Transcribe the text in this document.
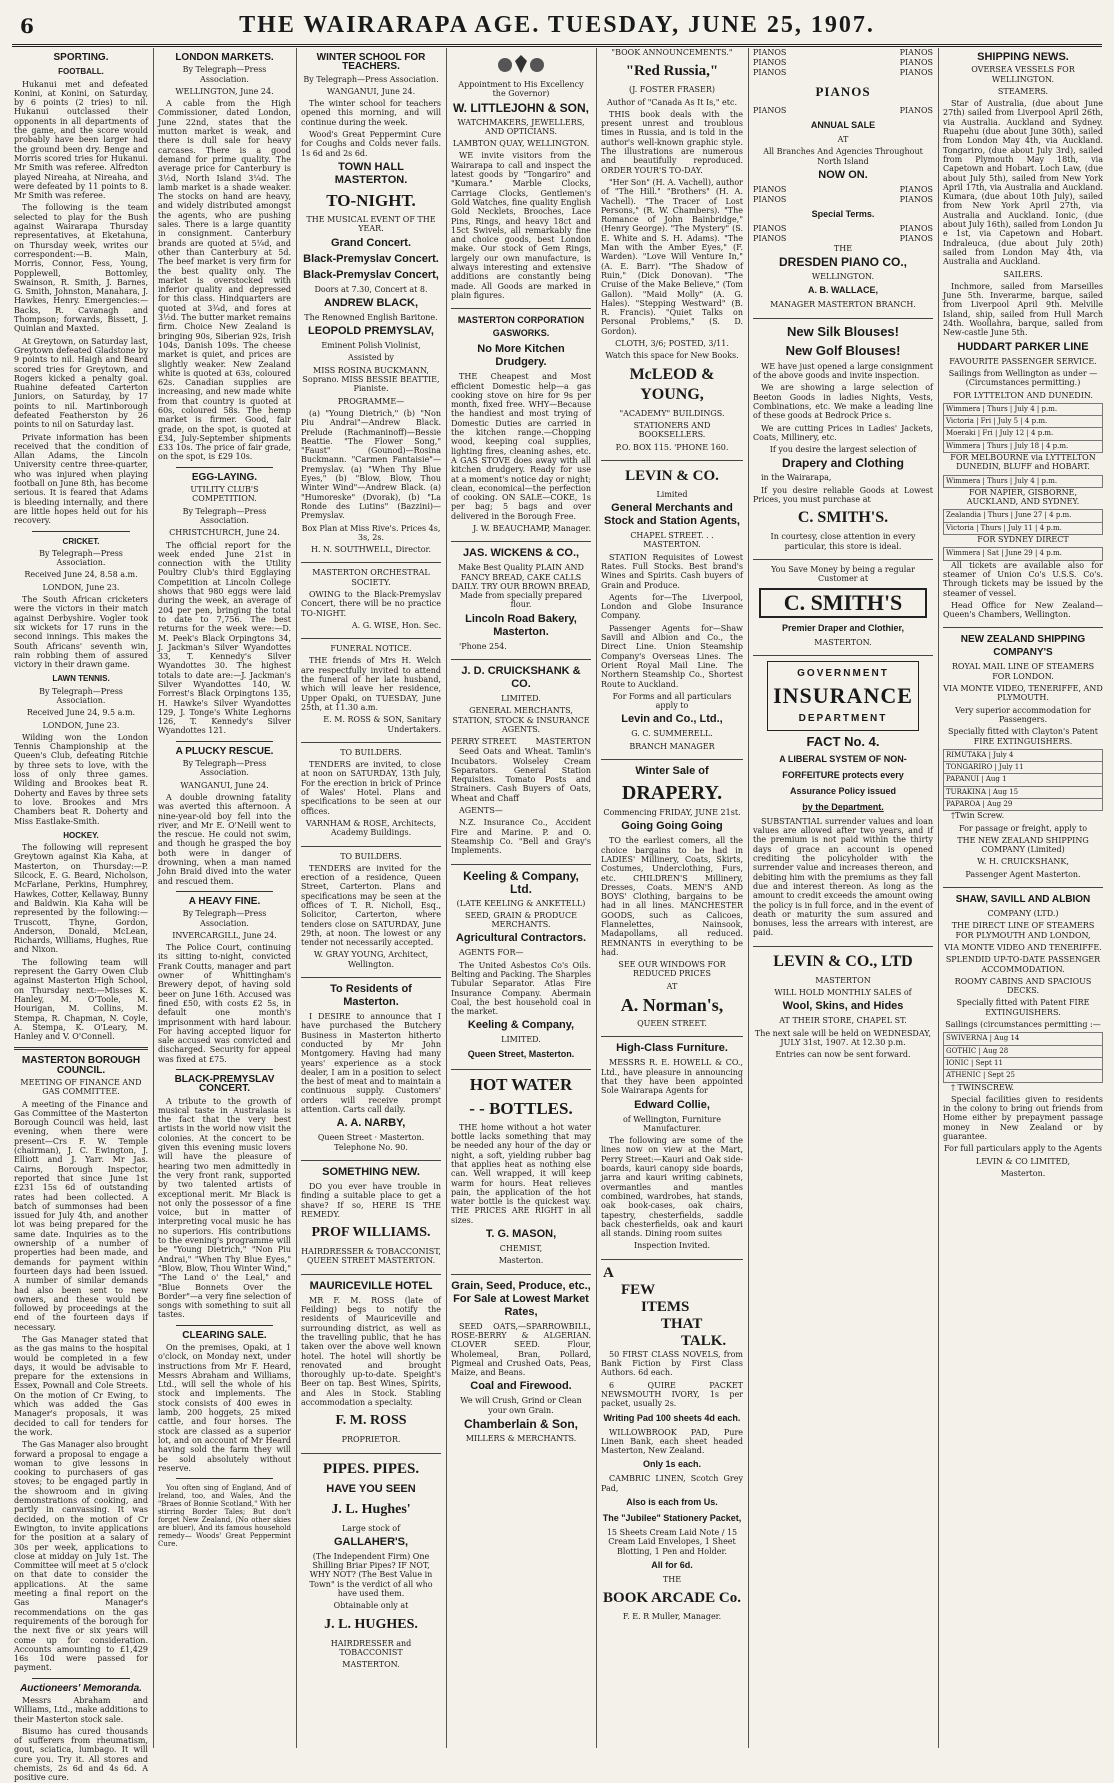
6	THE WAIRARAPA AGE. TUESDAY, JUNE 25, 1907.
SPORTING.
FOOTBALL.

Hukanui met and defeated Konini, at Konini, on Saturday, by 6 points (2 tries) to nil. Hukanui outclassed their opponents in all departments of the game, and the score would probably have been larger had the ground been dry. Benge and Morris scored tries for Hukanui. Mr Smith was referee. Alfredton played Nireaha, at Nireaha, and were defeated by 11 points to 8. Mr Smith was referee.

The following is the team selected to play for the Bush against Wairarapa Thursday representatives, at Eketahuna, on Thursday week, writes our correspondent:—B. Main, Morris, Connor, Fess, Young, Popplewell, Bottomley, Swainson, R. Smith, J. Barnes, G. Smith, Johnston, Manahara, J. Hawkes, Henry. Emergencies:— Backs, R. Cavanagh and Thompson; forwards, Bissett, J. Quinlan and Maxted.

At Greytown, on Saturday last, Greytown defeated Gladstone by 9 points to nil. Haigh and Beard scored tries for Greytown, and Rogers kicked a penalty goal. Ruahine defeated Carterton Juniors, on Saturday, by 17 points to nil. Martinborough defeated Featherston by 26 points to nil on Saturday last.

Private information has been received that the condition of Allan Adams, the Lincoln University centre three-quarter, who was injured when playing football on June 8th, has become serious. It is feared that Adams is bleeding internally, and there are little hopes held out for his recovery.

CRICKET.

By Telegraph—Press Association.

Received June 24, 8.58 a.m.

LONDON, June 23.

The South African cricketers were the victors in their match against Derbyshire. Vogler took six wickets for 17 runs in the second innings. This makes the South Africans' seventh win, rain robbing them of assured victory in their drawn game.

LAWN TENNIS.

By Telegraph—Press Association.

Received June 24, 9.5 a.m.

LONDON, June 23.

Wilding won the London Tennis Championship at the Queen's Club, defeating Ritchie by three sets to love, with the loss of only three games. Wilding and Brookes beat R. Doherty and Eaves by three sets to love. Brookes and Mrs Chambers beat R. Doherty and Miss Eastlake-Smith.

HOCKEY.

The following will represent Greytown against Kia Kaha, at Masterton, on Thursday:—P. Silcock, E. G. Beard, Nicholson, McFarlane, Perkins, Humphrey, Hawkes, Cotter, Kellaway, Bunny and Baldwin. Kia Kaha will be represented by the following:—Truscott, Thyne, Gordon, Anderson, Donald, McLean, Richards, Williams, Hughes, Rue and Nixon.

The following team will represent the Garry Owen Club against Masterton High School, on Thursday next:—Misses K. Hanley, M. O'Toole, M. Hourigan, M. Collins, M. Stempa, R. Chapman, N. Coyle, A. Stempa, K. O'Leary, M. Hanley and V. O'Connell.

MASTERTON BOROUGH COUNCIL.

MEETING OF FINANCE AND GAS COMMITTEE.

A meeting of the Finance and Gas Committee of the Masterton Borough Council was held, last evening, when there were present—Crs F. W. Temple (chairman), J. C. Ewington, J. Elliott and J. Yarr. Mr Jas. Cairns, Borough Inspector, reported that since June 1st £231 15s 6d of outstanding rates had been collected. A batch of summonses had been issued for July 4th, and another lot was being prepared for the same date. Inquiries as to the ownership of a number of properties had been made, and demands for payment within fourteen days had been issued. A number of similar demands had also been sent to new owners, and these would be followed by proceedings at the end of the fourteen days if necessary.

The Gas Manager stated that as the gas mains to the hospital would be completed in a few days, it would be advisable to prepare for the extensions in Essex, Pownall and Cole Streets. On the motion of Cr Ewing, to which was added the Gas Manager's proposals, it was decided to call for tenders for the work.

The Gas Manager also brought forward a proposal to engage a woman to give lessons in cooking to purchasers of gas stoves; to be engaged partly in the showroom and in giving demonstrations of cooking, and partly in canvassing. It was decided, on the motion of Cr Ewington, to invite applications for the position at a salary of 30s per week, applications to close at midday on July 1st. The Committee will meet at 5 o'clock on that date to consider the applications. At the same meeting a final report on the Gas Manager's recommendations on the gas requirements of the borough for the next five or six years will come up for consideration. Accounts amounting to £1,429 16s 10d were passed for payment.

Auctioneers' Memoranda.

Messrs Abraham and Williams, Ltd., make additions to their Masterton stock sale.

Bisumo has cured thousands of sufferers from rheumatism, gout, sciatica, lumbago. It will cure you. Try it. All stores and chemists, 2s 6d and 4s 6d. A positive cure.

LONDON MARKETS.

By Telegraph—Press Association.

WELLINGTON, June 24.

A cable from the High Commissioner, dated London, June 22nd, states that the mutton market is weak, and there is dull sale for heavy carcases. There is a good demand for prime quality. The average price for Canterbury is 3½d, North Island 3¼d. The lamb market is a shade weaker. The stocks on hand are heavy, and widely distributed amongst the agents, who are pushing sales. There is a large quantity in consignment. Canterbury brands are quoted at 5¼d, and other than Canterbury at 5d. The beef market is very firm for the best quality only. The market is overstocked with inferior quality and depressed for this class. Hindquarters are quoted at 3¾d, and fores at 3½d. The butter market remains firm. Choice New Zealand is bringing 90s, Siberian 92s, Irish 104s, Danish 109s. The cheese market is quiet, and prices are slightly weaker. New Zealand white is quoted at 63s, coloured 62s. Canadian supplies are increasing, and new made white from that country is quoted at 60s, coloured 58s. The hemp market is firmer. Good, fair grade, on the spot, is quoted at £34, July-September shipments £33 10s. The price of fair grade, on the spot, is £29 10s.

EGG-LAYING.

UTILITY CLUB'S COMPETITION.

By Telegraph—Press Association.

CHRISTCHURCH, June 24.

The official report for the week ended June 21st in connection with the Utility Poultry Club's third Egglaying Competition at Lincoln College shows that 980 eggs were laid during the week, an average of 204 per pen, bringing the total to date to 7,756. The best returns for the week were:—D. M. Peek's Black Orpingtons 34, J. Jackman's Silver Wyandottes 33, T. Kennedy's Silver Wyandottes 30. The highest totals to date are:—J. Jackman's Silver Wyandottes 140, W. Forrest's Black Orpingtons 135, H. Hawke's Silver Wyandottes 129, J. Tonge's White Leghorns 126, T. Kennedy's Silver Wyandottes 121.

A PLUCKY RESCUE.

By Telegraph—Press Association.

WANGANUI, June 24.

A double drowning fatality was averted this afternoon. A nine-year-old boy fell into the river, and Mr E. O'Neill went to the rescue. He could not swim, and though he grasped the boy both were in danger of drowning, when a man named John Braid dived into the water and rescued them.

A HEAVY FINE.

By Telegraph—Press Association.

INVERCARGILL, June 24.

The Police Court, continuing its sitting to-night, convicted Frank Coutts, manager and part owner of Whittingham's Brewery depot, of having sold beer on June 16th. Accused was fined £50, with costs £2 5s, in default one month's imprisonment with hard labour. For having accepted liquor for sale accused was convicted and discharged. Security for appeal was fixed at £75.

BLACK-PREMYSLAV CONCERT.

A tribute to the growth of musical taste in Australasia is the fact that the very best artists in the world now visit the colonies. At the concert to be given this evening music lovers will have the pleasure of hearing two men admittedly in the very front rank, supported by two talented artists of exceptional merit. Mr Black is not only the possessor of a fine voice, but in matter of interpreting vocal music he has no superiors. His contributions to the evening's programme will be "Young Dietrich," "Non Piu Andrai," "When Thy Blue Eyes," "Blow, Blow, Thou Winter Wind," "The Land o' the Leal," and "Blue Bonnets Over the Border"—a very fine selection of songs with something to suit all tastes.

CLEARING SALE.

On the premises, Opaki, at 1 o'clock, on Monday next, under instructions from Mr F. Heard, Messrs Abraham and Williams, Ltd., will sell the whole of his stock and implements. The stock consists of 400 ewes in lamb, 200 hoggets, 25 mixed cattle, and four horses. The stock are classed as a superior lot, and on account of Mr Heard having sold the farm they will be sold absolutely without reserve.

You often sing of England, And of Ireland, too, and Wales, And the "Braes of Bonnie Scotland," With her stirring Border Tales; But don't forget New Zealand, (No other skies are bluer), And its famous household remedy— Woods' Great Peppermint Cure.

WINTER SCHOOL FOR TEACHERS.

By Telegraph—Press Association.

WANGANUI, June 24.

The winter school for teachers opened this morning, and will continue during the week.

Wood's Great Peppermint Cure for Coughs and Colds never fails. 1s 6d and 2s 6d.

TOWN HALL MASTERTON.
TO-NIGHT.

THE MUSICAL EVENT OF THE YEAR.

Grand Concert.
Black-Premyslav Concert.
Black-Premyslav Concert,

Doors at 7.30, Concert at 8.

ANDREW BLACK,

The Renowned English Baritone.

LEOPOLD PREMYSLAV,

Eminent Polish Violinist,

Assisted by

MISS ROSINA BUCKMANN, Soprano. MISS BESSIE BEATTIE, Pianiste.

PROGRAMME—

(a) "Young Dietrich," (b) "Non Piu Andrai"—Andrew Black. Prelude (Rachmaninoff)—Bessie Beattie. "The Flower Song," "Faust" (Gounod)—Rosina Buckmann. "Carmen Fantaisie"—Premyslav. (a) "When Thy Blue Eyes," (b) "Blow, Blow, Thou Winter Wind"—Andrew Black. (a) "Humoreske" (Dvorak), (b) "La Ronde des Lutins" (Bazzini)—Premyslav.

Box Plan at Miss Rive's. Prices 4s, 3s, 2s.

H. N. SOUTHWELL, Director.

MASTERTON ORCHESTRAL SOCIETY.

OWING to the Black-Premyslav Concert, there will be no practice TO-NIGHT.

A. G. WISE, Hon. Sec.

FUNERAL NOTICE.

THE friends of Mrs H. Welch are respectfully invited to attend the funeral of her late husband, which will leave her residence, Upper Opaki, on TUESDAY, June 25th, at 11.30 a.m.

E. M. ROSS & SON, Sanitary Undertakers.

TO BUILDERS.

TENDERS are invited, to close at noon on SATURDAY, 13th July, For the erection in brick of Prince of Wales' Hotel. Plans and specifications to be seen at our offices.

VARNHAM & ROSE, Architects, Academy Buildings.

TO BUILDERS.

TENDERS are invited for the erection of a residence, Queen Street, Carterton. Plans and specifications may be seen at the offices of T. R. Nicholl, Esq., Solicitor, Carterton, where tenders close on SATURDAY, June 29th, at noon. The lowest or any tender not necessarily accepted.

W. GRAY YOUNG, Architect, Wellington.

To Residents of Masterton.

I DESIRE to announce that I have purchased the Butchery Business in Masterton hitherto conducted by Mr John Montgomery. Having had many years' experience as a stock dealer, I am in a position to select the best of meat and to maintain a continuous supply. Customers' orders will receive prompt attention. Carts call daily.

A. A. NARBY,

Queen Street · Masterton. Telephone No. 90.

SOMETHING NEW.

DO you ever have trouble in finding a suitable place to get a shave? If so, HERE IS THE REMEDY.

PROF WILLIAMS.

HAIRDRESSER & TOBACCONIST, QUEEN STREET MASTERTON.

MAURICEVILLE HOTEL

MR F. M. ROSS (late of Feilding) begs to notify the residents of Mauriceville and surrounding district, as well as the travelling public, that he has taken over the above well known hotel. The hotel will shortly be renovated and brought thoroughly up-to-date. Speight's Beer on tap. Best Wines, Spirits, and Ales in Stock. Stabling accommodation a specialty.

F. M. ROSS

PROPRIETOR.

PIPES. PIPES.
HAVE YOU SEEN
J. L. Hughes'

Large stock of

GALLAHER'S,

(The Independent Firm) One Shilling Briar Pipes? IF NOT, WHY NOT? (The Best Value in Town" is the verdict of all who have used them.

Obtainable only at

J. L. HUGHES.

HAIRDRESSER and TOBACCONIST

MASTERTON.

Appointment to His Excellency the Governor)

W. LITTLEJOHN & SON,

WATCHMAKERS, JEWELLERS, AND OPTICIANS.

LAMBTON QUAY, WELLINGTON.

WE invite visitors from the Wairarapa to call and inspect the latest goods by "Tongariro" and "Kumara." Marble Clocks, Carriage Clocks, Gentlemen's Gold Watches, fine quality English Gold Necklets, Brooches, Lace Pins, Rings, and heavy 18ct and 15ct Swivels, all remarkably fine and choice goods, best London make. Our stock of Gem Rings, largely our own manufacture, is always interesting and extensive additions are constantly being made. All Goods are marked in plain figures.

MASTERTON CORPORATION GASWORKS.
No More Kitchen Drudgery.

THE Cheapest and Most efficient Domestic help—a gas cooking stove on hire for 9s per month, fixed free. WHY—Because the handiest and most trying of Domestic Duties are carried in the kitchen range.—Chopping wood, keeping coal supplies, lighting fires, cleaning ashes, etc. A GAS STOVE does away with all kitchen drudgery. Ready for use at a moment's notice day or night; clean, economical—the perfection of cooking. ON SALE—COKE, 1s per bag; 5 bags and over delivered in the Borough Free.

J. W. BEAUCHAMP, Manager.

JAS. WICKENS & CO.,

Make Best Quality PLAIN AND FANCY BREAD, CAKE CALLS DAILY. TRY OUR BROWN BREAD, Made from specially prepared flour.

Lincoln Road Bakery, Masterton.

'Phone 254.

J. D. CRUICKSHANK & CO.

LIMITED.

GENERAL MERCHANTS, STATION, STOCK & INSURANCE AGENTS.

PERRY STREET. MASTERTON

Seed Oats and Wheat. Tamlin's Incubators. Wolseley Cream Separators. General Station Requisites. Tomato Posts and Strainers. Cash Buyers of Oats, Wheat and Chaff

AGENTS—

N.Z. Insurance Co., Accident Fire and Marine. P. and O. Steamship Co. "Bell and Gray's Implements.

Keeling & Company, Ltd.

(LATE KEELING & ANKETELL)

SEED, GRAIN & PRODUCE MERCHANTS.

Agricultural Contractors.

AGENTS FOR—

The United Asbestos Co's Oils. Belting and Packing. The Sharples Tubular Separator. Atlas Fire Insurance Company. Abermain Coal, the best household coal in the market.

Keeling & Company,

LIMITED.

Queen Street, Masterton.
HOT WATER
- - BOTTLES.

THE home without a hot water bottle lacks something that may be needed any hour of the day or night, a soft, yielding rubber bag that applies heat as nothing else can. Well wrapped, it will keep warm for hours. Heat relieves pain, the application of the hot water bottle is the quickest way. THE PRICES ARE RIGHT in all sizes.

T. G. MASON,

CHEMIST,

Masterton.

Grain, Seed, Produce, etc., For Sale at Lowest Market Rates,

SEED OATS,—SPARROWBILL, ROSE-BERRY & ALGERIAN. CLOVER SEED. Flour, Wholemeal, Bran, Pollard, Pigmeal and Crushed Oats, Peas, Maize, and Beans.

Coal and Firewood.

We will Crush, Grind or Clean your own Grain.

Chamberlain & Son,

MILLERS & MERCHANTS.

"BOOK ANNOUNCEMENTS."

"Red Russia,"

(J. FOSTER FRASER)

Author of "Canada As It Is," etc.

THIS book deals with the present unrest and troublous times in Russia, and is told in the author's well-known graphic style. The illustrations are numerous and beautifully reproduced. ORDER YOUR'S TO-DAY.

"Her Son" (H. A. Vachell), author of "The Hill." "Brothers" (H. A. Vachell). "The Tracer of Lost Persons," (R. W. Chambers). "The Romance of John Bainbridge," (Henry George). "The Mystery" (S. E. White and S. H. Adams). "The Man with the Amber Eyes," (F. Warden). "Love Will Venture In," (A. E. Barr). "The Shadow of Ruin," (Dick Donovan). "The Cruise of the Make Believe," (Tom Gallon). "Maid Molly" (A. G. Hales). "Stepping Westward" (B. R. Francis). "Quiet Talks on Personal Problems," (S. D. Gordon).

CLOTH, 3/6; POSTED, 3/11.

Watch this space for New Books.

McLEOD & YOUNG,

"ACADEMY" BUILDINGS.

STATIONERS AND BOOKSELLERS.

P.O. BOX 115. 'PHONE 160.

LEVIN & CO.

Limited

General Merchants and Stock and Station Agents,

CHAPEL STREET. . . MASTERTON.

STATION Requisites of Lowest Rates. Full Stocks. Best brand's Wines and Spirits. Cash buyers of Grain and Produce.

Agents for—The Liverpool, London and Globe Insurance Company.

Passenger Agents for—Shaw Savill and Albion and Co., the Direct Line. Union Steamship Company's Overseas Lines. The Orient Royal Mail Line. The Northern Steamship Co., Shortest Route to Auckland.

For Forms and all particulars apply to

Levin and Co., Ltd.,

G. C. SUMMERELL.

BRANCH MANAGER

Winter Sale of
DRAPERY.

Commencing FRIDAY, JUNE 21st.

Going Going Going

TO the earliest comers, all the choice bargains to be had in LADIES' Millinery, Coats, Skirts, Costumes, Underclothing, Furs, etc. CHILDREN'S Millinery, Dresses, Coats. MEN'S AND BOYS' Clothing, bargains to be had in all lines. MANCHESTER GOODS, such as Calicoes, Flannelettes, Nainsook, Madapollams, all reduced. REMNANTS in everything to be had.

SEE OUR WINDOWS FOR REDUCED PRICES

AT

A. Norman's,

QUEEN STREET.

High-Class Furniture.

MESSRS R. E. HOWELL & CO., Ltd., have pleasure in announcing that they have been appointed Sole Wairarapa Agents for

Edward Collie,

of Wellington, Furniture Manufacturer.

The following are some of the lines now on view at the Mart, Perry Street:—Kauri and Oak side-boards, kauri canopy side boards, jarra and kauri writing cabinets, overmantles and mantles combined, wardrobes, hat stands, oak book-cases, oak chairs, tapestry, chesterfields, saddle back chesterfields, oak and kauri all stands. Dining room suites

Inspection Invited.

A
FEW
ITEMS
THAT
TALK.

50 FIRST CLASS NOVELS, from Bank Fiction by First Class Authors. 6d each.

6 QUIRE PACKET NEWSMOUTH IVORY, 1s per packet, usually 2s.

Writing Pad 100 sheets 4d each.

WILLOWBROOK PAD, Pure Linen Bank, each sheet headed Masterton, New Zealand.

Only 1s each.

CAMBRIC LINEN, Scotch Grey Pad,

Also is each from Us.
The "Jubilee" Stationery Packet,

15 Sheets Cream Laid Note / 15 Cream Laid Envelopes, 1 Sheet Blotting, 1 Pen and Holder.

All for 6d.

THE

BOOK ARCADE Co.

F. E. R Muller, Manager.

PIANOS	PIANOS
PIANOS	PIANOS
PIANOS	PIANOS
PIANOS
PIANOS	PIANOS
ANNUAL SALE

AT

All Branches And Agencies Throughout North Island

NOW ON.
PIANOS	PIANOS
PIANOS	PIANOS
Special Terms.
PIANOS	PIANOS
PIANOS	PIANOS

THE

DRESDEN PIANO CO.,

WELLINGTON.

A. B. WALLACE,

MANAGER MASTERTON BRANCH.

New Silk Blouses!
New Golf Blouses!

WE have just opened a large consignment of the above goods and invite inspection.

We are showing a large selection of Beeton Goods in ladies Nights, Vests, Combinations, etc. We make a leading line of these goods at Bedrock Price s.

We are cutting Prices in Ladies' Jackets, Coats, Millinery, etc.

If you desire the largest selection of

Drapery and Clothing

in the Wairarapa,

If you desire reliable Goods at Lowest Prices, you must purchase at

C. SMITH'S.

In courtesy, close attention in every particular, this store is ideal.

You Save Money by being a regular Customer at

C. SMITH'S
Premier Draper and Clothier,

MASTERTON.

GOVERNMENT
INSURANCE
DEPARTMENT
FACT No. 4.
A LIBERAL SYSTEM OF NON-
FORFEITURE protects every
Assurance Policy issued
by the Department.

SUBSTANTIAL surrender values and loan values are allowed after two years, and if the premium is not paid within the thirty days of grace an account is opened crediting the policyholder with the surrender value and increases thereon, and debiting him with the premiums as they fall due and interest thereon. As long as the amount to credit exceeds the amount owing the policy is in full force, and in the event of death or maturity the sum assured and bonuses, less the arrears with interest, are paid.

LEVIN & CO., LTD

MASTERTON

WILL HOLD MONTHLY SALES of

Wool, Skins, and Hides

AT THEIR STORE, CHAPEL ST.

The next sale will be held on WEDNESDAY, JULY 31st, 1907. At 12.30 p.m.

Entries can now be sent forward.

SHIPPING NEWS.

OVERSEA VESSELS FOR WELLINGTON.

STEAMERS.

Star of Australia, (due about June 27th) sailed from Liverpool April 26th, via Australia. Auckland and Sydney. Ruapehu (due about June 30th), sailed from London May 4th, via Auckland. Tongariro, (due about July 3rd), sailed from Plymouth May 18th, via Capetown and Hobart. Loch Law, (due about July 5th), sailed from New York April 17th, via Australia and Auckland. Kumara, (due about 10th July), sailed from New York April 27th, via Australia and Auckland. Ionic, (due about July 16th), sailed from London Ju e 1st, via Capetown and Hobart. Indraleuca, (due about July 20th) sailed from London May 4th, via Australia and Auckland.

SAILERS.

Inchmore, sailed from Marseilles June 5th. Inverarme, barque, sailed from Liverpool April 9th. Melville Island, ship, sailed from Hull March 24th. Woollahra, barque, sailed from New-castle June 5th.

HUDDART PARKER LINE

FAVOURITE PASSENGER SERVICE.

Sailings from Wellington as under — (Circumstances permitting.)

FOR LYTTELTON AND DUNEDIN.

Wimmera | Thurs | July 4 | p.m.
Victoria | Fri | July 5 | 4 p.m.
Moeraki | Fri | July 12 | 4 p.m.
Wimmera | Thurs | July 18 | 4 p.m.

FOR MELBOURNE via LYTTELTON DUNEDIN, BLUFF and HOBART.

Wimmera | Thurs | July 4 | p.m.

FOR NAPIER, GISBORNE, AUCKLAND, AND SYDNEY.

Zealandia | Thurs | June 27 | 4 p.m.
Victoria | Thurs | July 11 | 4 p.m.

FOR SYDNEY DIRECT

Wimmera | Sat | June 29 | 4 p.m.

All tickets are available also for steamer of Union Co's U.S.S. Co's. Through tickets may be issued by the steamer of vessel.

Head Office for New Zealand—Queen's Chambers, Wellington.

NEW ZEALAND SHIPPING COMPANY'S

ROYAL MAIL LINE OF STEAMERS FOR LONDON.

VIA MONTE VIDEO, TENERIFFE, AND PLYMOUTH.

Very superior accommodation for Passengers.

Specially fitted with Clayton's Patent FIRE EXTINGUISHERS.

RIMUTAKA | July 4
TONGARIRO | July 11
PAPANUI | Aug 1
TURAKINA | Aug 15
PAPAROA | Aug 29

†Twin Screw.

For passage or freight, apply to

THE NEW ZEALAND SHIPPING COMPANY (Limited)

W. H. CRUICKSHANK,

Passenger Agent Masterton.

SHAW, SAVILL AND ALBION

COMPANY (LTD.)

THE DIRECT LINE OF STEAMERS FOR PLYMOUTH AND LONDON,

VIA MONTE VIDEO AND TENERIFFE.

SPLENDID UP-TO-DATE PASSENGER ACCOMMODATION.

ROOMY CABINS AND SPACIOUS DECKS.

Specially fitted with Patent FIRE EXTINGUISHERS.

Sailings (circumstances permitting :—

SWIVERNA | Aug 14
GOTHIC | Aug 28
IONIC | Sept 11
ATHENIC | Sept 25

† TWINSCREW.

Special facilities given to residents in the colony to bring out friends from Home either by prepayment passage money in New Zealand or by guarantee.

For full particulars apply to the Agents

LEVIN & CO LIMITED,

Masterton.
